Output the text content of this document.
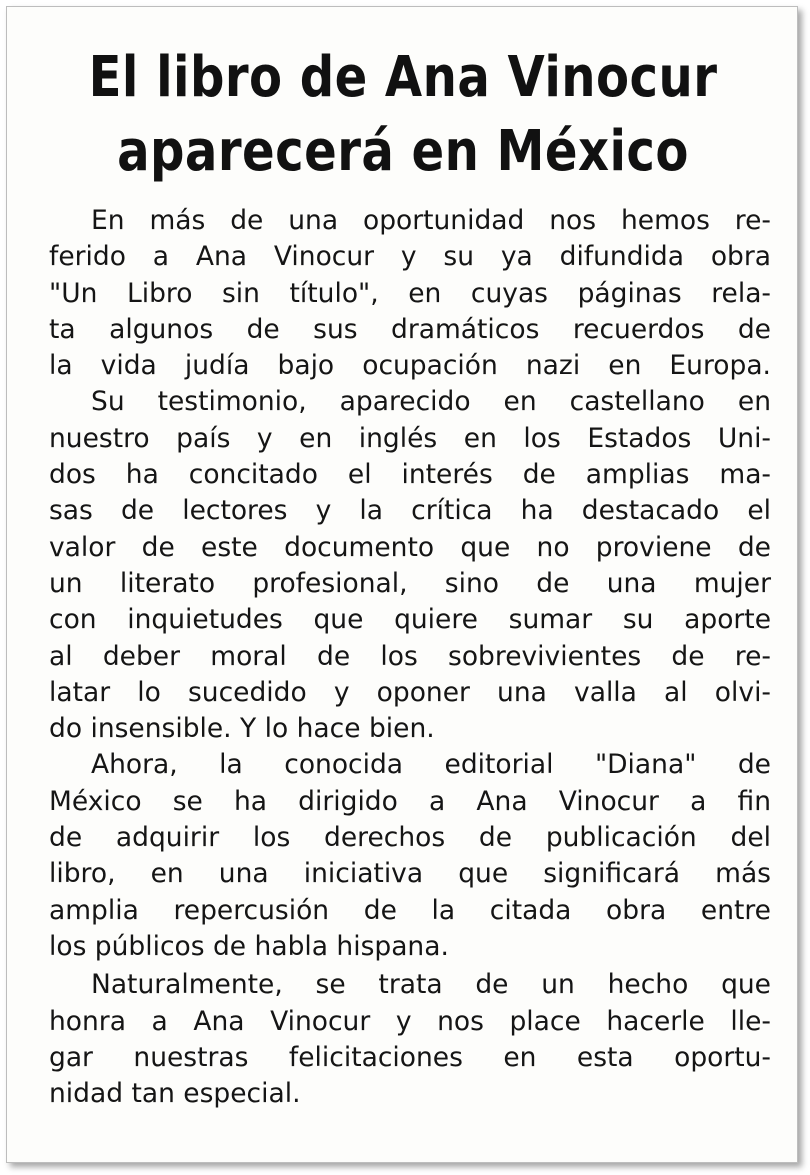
El libro de Ana Vinocur
aparecerá en México
En más de una oportunidad nos hemos re-
ferido a Ana Vinocur y su ya difundida obra
"Un Libro sin título", en cuyas páginas rela-
ta algunos de sus dramáticos recuerdos de
la vida judía bajo ocupación nazi en Europa.
Su testimonio, aparecido en castellano en
nuestro país y en inglés en los Estados Uni-
dos ha concitado el interés de amplias ma-
sas de lectores y la crítica ha destacado el
valor de este documento que no proviene de
un literato profesional, sino de una mujer
con inquietudes que quiere sumar su aporte
al deber moral de los sobrevivientes de re-
latar lo sucedido y oponer una valla al olvi-
do insensible. Y lo hace bien.
Ahora, la conocida editorial "Diana" de
México se ha dirigido a Ana Vinocur a fin
de adquirir los derechos de publicación del
libro, en una iniciativa que significará más
amplia repercusión de la citada obra entre
los públicos de habla hispana.
Naturalmente, se trata de un hecho que
honra a Ana Vinocur y nos place hacerle lle-
gar nuestras felicitaciones en esta oportu-
nidad tan especial.
